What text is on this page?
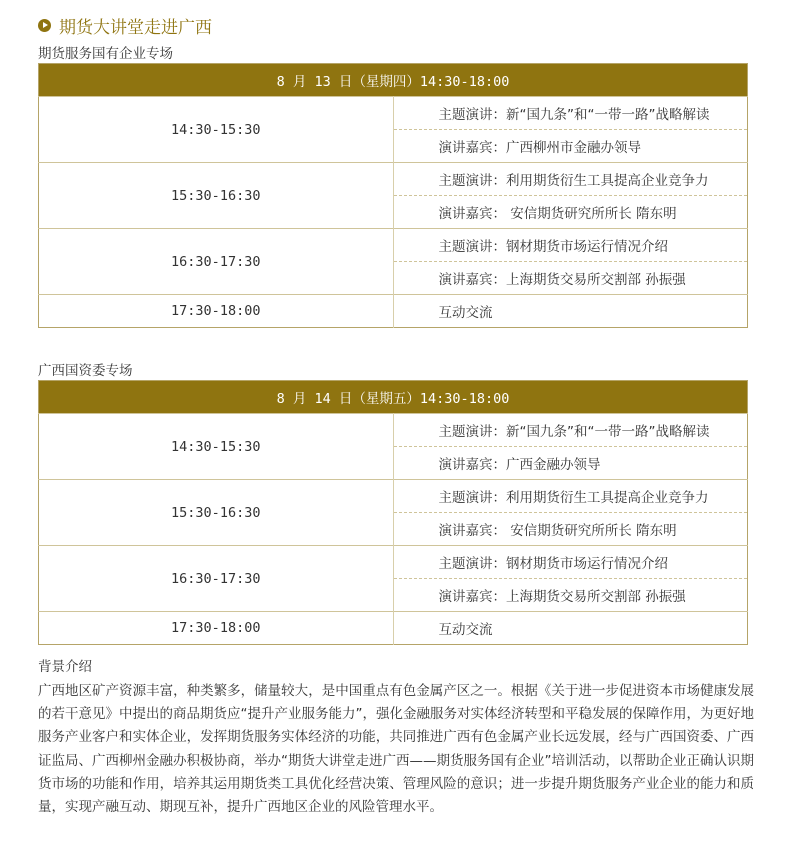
期货大讲堂走进广西
期货服务国有企业专场
8 月 13 日（星期四）14:30-18:00	
14:30-15:30	主题演讲：新“国九条”和“一带一路”战略解读
	演讲嘉宾：广西柳州市金融办领导
15:30-16:30	主题演讲：利用期货衍生工具提高企业竞争力
	演讲嘉宾： 安信期货研究所所长 隋东明
16:30-17:30	主题演讲：钢材期货市场运行情况介绍
	演讲嘉宾：上海期货交易所交割部 孙振强
17:30-18:00	互动交流
广西国资委专场
8 月 14 日（星期五）14:30-18:00	
14:30-15:30	主题演讲：新“国九条”和“一带一路”战略解读
	演讲嘉宾：广西金融办领导
15:30-16:30	主题演讲：利用期货衍生工具提高企业竞争力
	演讲嘉宾： 安信期货研究所所长 隋东明
16:30-17:30	主题演讲：钢材期货市场运行情况介绍
	演讲嘉宾：上海期货交易所交割部 孙振强
17:30-18:00	互动交流
背景介绍
广西地区矿产资源丰富，种类繁多，储量较大，是中国重点有色金属产区之一。根据《关于进一步促进资本市场健康发展的若干意见》中提出的商品期货应“提升产业服务能力”，强化金融服务对实体经济转型和平稳发展的保障作用，为更好地服务产业客户和实体企业，发挥期货服务实体经济的功能，共同推进广西有色金属产业长远发展，经与广西国资委、广西证监局、广西柳州金融办积极协商，举办“期货大讲堂走进广西——期货服务国有企业”培训活动，以帮助企业正确认识期货市场的功能和作用，培养其运用期货类工具优化经营决策、管理风险的意识；进一步提升期货服务产业企业的能力和质量，实现产融互动、期现互补，提升广西地区企业的风险管理水平。
